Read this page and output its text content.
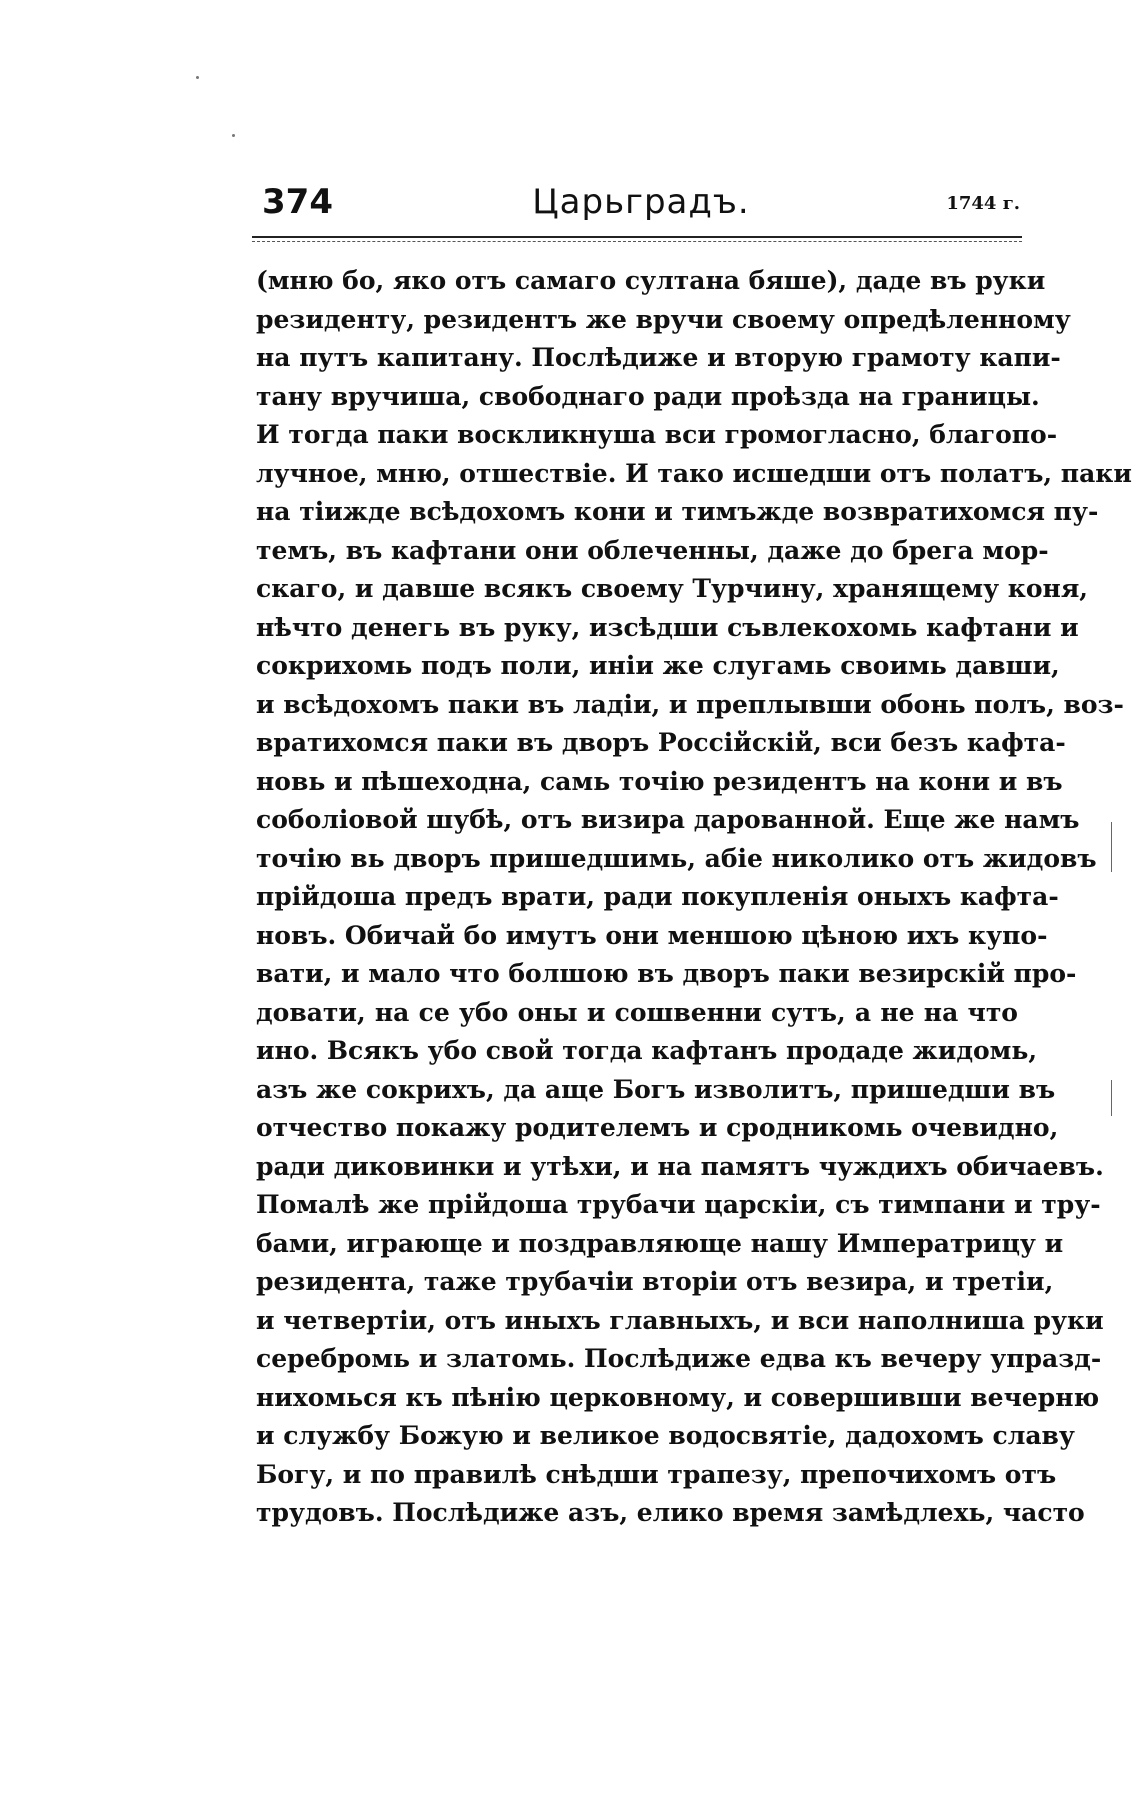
374	Царьградъ.	1744 г.
(мню бо, яко отъ самаго султана бяше), даде въ руки
резиденту, резидентъ же вручи своему опредѣленному
на путъ капитану. Послѣдиже и вторую грамоту капи-
тану вручиша, свободнаго ради проѣзда на границы.
И тогда паки воскликнуша вси громогласно, благопо-
лучное, мню, отшествіе. И тако исшедши отъ полатъ, паки
на тіижде всѣдохомъ кони и тимъжде возвратихомся пу-
темъ, въ кафтани они облеченны, даже до брега мор-
скаго, и давше всякъ своему Турчину, хранящему коня,
нѣчто денегь въ руку, изсѣдши съвлекохомь кафтани и
сокрихомь подъ поли, иніи же слугамь своимь давши,
и всѣдохомъ паки въ ладіи, и преплывши обонь полъ, воз-
вратихомся паки въ дворъ Россійскій, вси безъ кафта-
новь и пѣшеходна, самь точію резидентъ на кони и въ
соболіовой шубѣ, отъ визира дарованной. Еще же намъ
точію вь дворъ пришедшимь, абіе николико отъ жидовъ
прійдоша предъ врати, ради покупленія оныхъ кафта-
новъ. Обичай бо имутъ они меншою цѣною ихъ купо-
вати, и мало что болшою въ дворъ паки везирскій про-
довати, на се убо оны и сошвенни сутъ, а не на что
ино. Всякъ убо свой тогда кафтанъ продаде жидомь,
азъ же сокрихъ, да аще Богъ изволитъ, пришедши въ
отчество покажу родителемъ и сродникомь очевидно,
ради диковинки и утѣхи, и на памятъ чуждихъ обичаевъ.
Помалѣ же прійдоша трубачи царскіи, съ тимпани и тру-
бами, играюще и поздравляюще нашу Императрицу и
резидента, таже трубачіи вторіи отъ везира, и третіи,
и четвертіи, отъ иныхъ главныхъ, и вси наполниша руки
серебромь и златомь. Послѣдиже едва къ вечеру упразд-
нихомься къ пѣнію церковному, и совершивши вечерню
и службу Божую и великое водосвятіе, дадохомъ славу
Богу, и по правилѣ снѣдши трапезу, препочихомъ отъ
трудовъ. Послѣдиже азъ, елико время замѣдлехь, часто
